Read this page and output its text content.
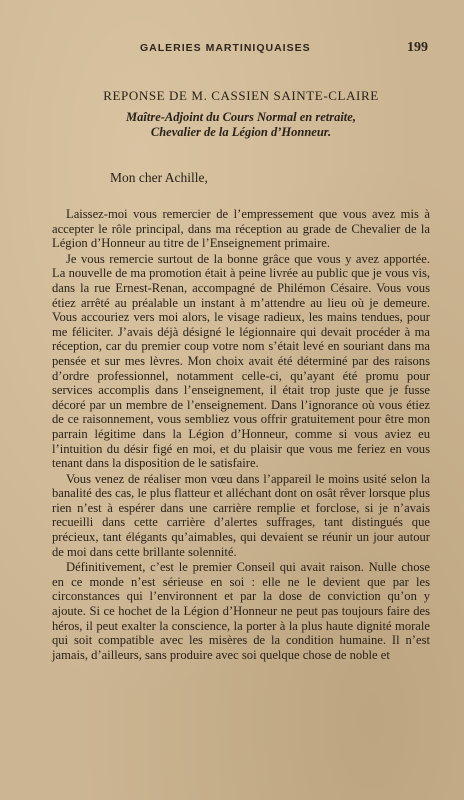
GALERIES MARTINIQUAISES	199
REPONSE DE M. CASSIEN SAINTE-CLAIRE
Maître-Adjoint du Cours Normal en retraite,
Chevalier de la Légion d’Honneur.
Mon cher Achille,

Laissez-moi vous remercier de l’empressement que vous avez mis à accepter le rôle principal, dans ma réception au grade de Chevalier de la Légion d’Honneur au titre de l’Enseignement primaire.

Je vous remercie surtout de la bonne grâce que vous y avez apportée. La nouvelle de ma promotion était à peine livrée au public que je vous vis, dans la rue Ernest-Renan, accompagné de Philémon Césaire. Vous vous étiez arrêté au préalable un instant à m’attendre au lieu où je demeure. Vous accouriez vers moi alors, le visage radieux, les mains tendues, pour me féliciter. J’avais déjà désigné le légionnaire qui devait procéder à ma réception, car du premier coup votre nom s’était levé en souriant dans ma pensée et sur mes lèvres. Mon choix avait été déterminé par des raisons d’ordre professionnel, notamment celle-ci, qu’ayant été promu pour services accomplis dans l’enseignement, il était trop juste que je fusse décoré par un membre de l’enseignement. Dans l’ignorance où vous étiez de ce raisonnement, vous sembliez vous offrir gratuitement pour être mon parrain légitime dans la Légion d’Honneur, comme si vous aviez eu l’intuition du désir figé en moi, et du plaisir que vous me feriez en vous tenant dans la disposition de le satisfaire.

Vous venez de réaliser mon vœu dans l’appareil le moins usité selon la banalité des cas, le plus flatteur et alléchant dont on osât rêver lorsque plus rien n’est à espérer dans une carrière remplie et forclose, si je n’avais recueilli dans cette carrière d’alertes suffrages, tant distingués que précieux, tant élégants qu’aimables, qui devaient se réunir un jour autour de moi dans cette brillante solennité.

Définitivement, c’est le premier Conseil qui avait raison. Nulle chose en ce monde n’est sérieuse en soi : elle ne le devient que par les circonstances qui l’environnent et par la dose de conviction qu’on y ajoute. Si ce hochet de la Légion d’Honneur ne peut pas toujours faire des héros, il peut exalter la conscience, la porter à la plus haute dignité morale qui soit compatible avec les misères de la condition humaine. Il n’est jamais, d’ailleurs, sans produire avec soi quelque chose de noble et
